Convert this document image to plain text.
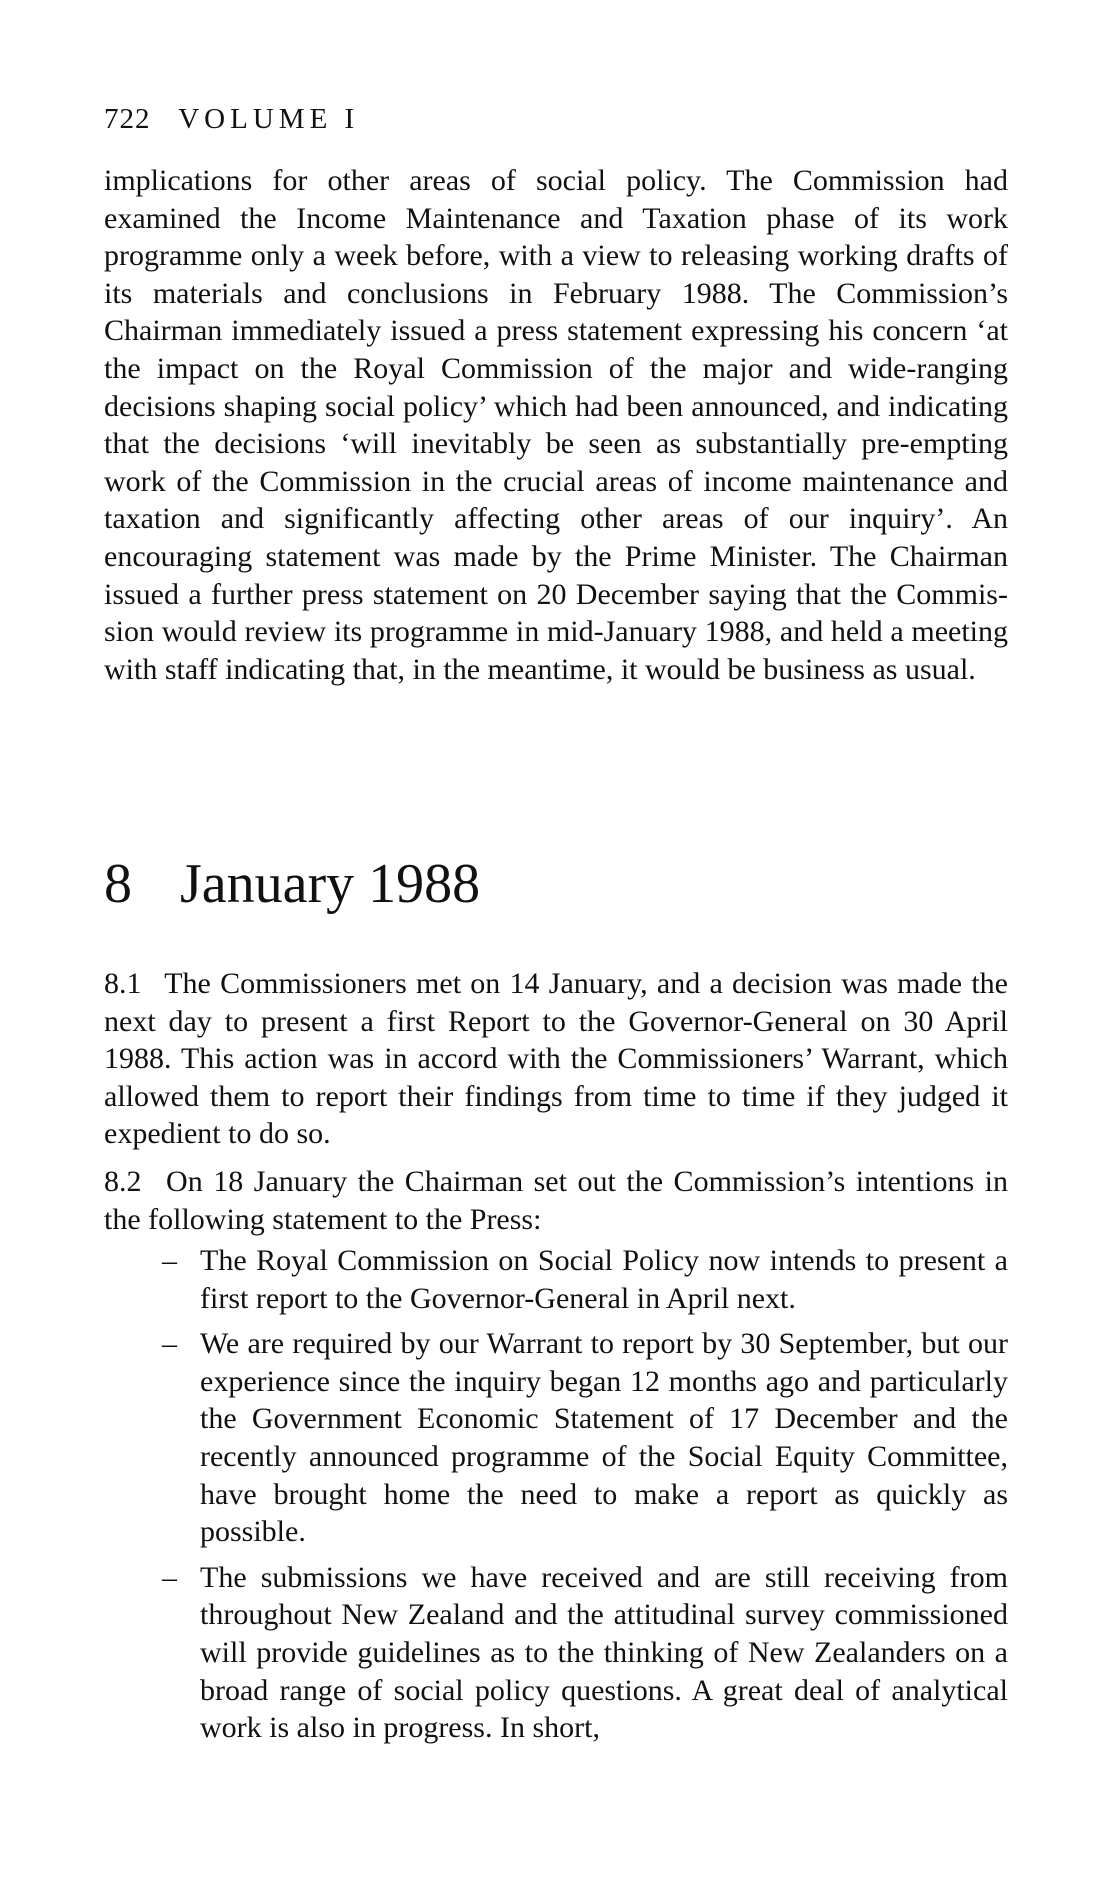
722 VOLUME I
implications for other areas of social policy. The Commission had examined the Income Maintenance and Taxation phase of its work programme only a week before, with a view to releasing working drafts of its materials and conclusions in February 1988. The Commission’s Chairman immediately issued a press statement expressing his concern ‘at the impact on the Royal Commission of the major and wide-ranging decisions shaping social policy’ which had been announced, and indicating that the decisions ‘will inevitably be seen as substantially pre-empting work of the Commission in the crucial areas of income maintenance and taxation and significantly affecting other areas of our inquiry’. An encouraging statement was made by the Prime Minister. The Chairman issued a further press statement on 20 December saying that the Commission would review its programme in mid-January 1988, and held a meeting with staff indicating that, in the meantime, it would be business as usual.
8 January 1988
8.1 The Commissioners met on 14 January, and a decision was made the next day to present a first Report to the Governor-General on 30 April 1988. This action was in accord with the Commissioners’ Warrant, which allowed them to report their findings from time to time if they judged it expedient to do so.
8.2 On 18 January the Chairman set out the Commission’s intentions in the following statement to the Press:
– The Royal Commission on Social Policy now intends to present a first report to the Governor-General in April next.
– We are required by our Warrant to report by 30 September, but our experience since the inquiry began 12 months ago and particularly the Government Economic Statement of 17 December and the recently announced programme of the Social Equity Committee, have brought home the need to make a report as quickly as possible.
– The submissions we have received and are still receiving from throughout New Zealand and the attitudinal survey commissioned will provide guidelines as to the thinking of New Zealanders on a broad range of social policy questions. A great deal of analytical work is also in progress. In short,
